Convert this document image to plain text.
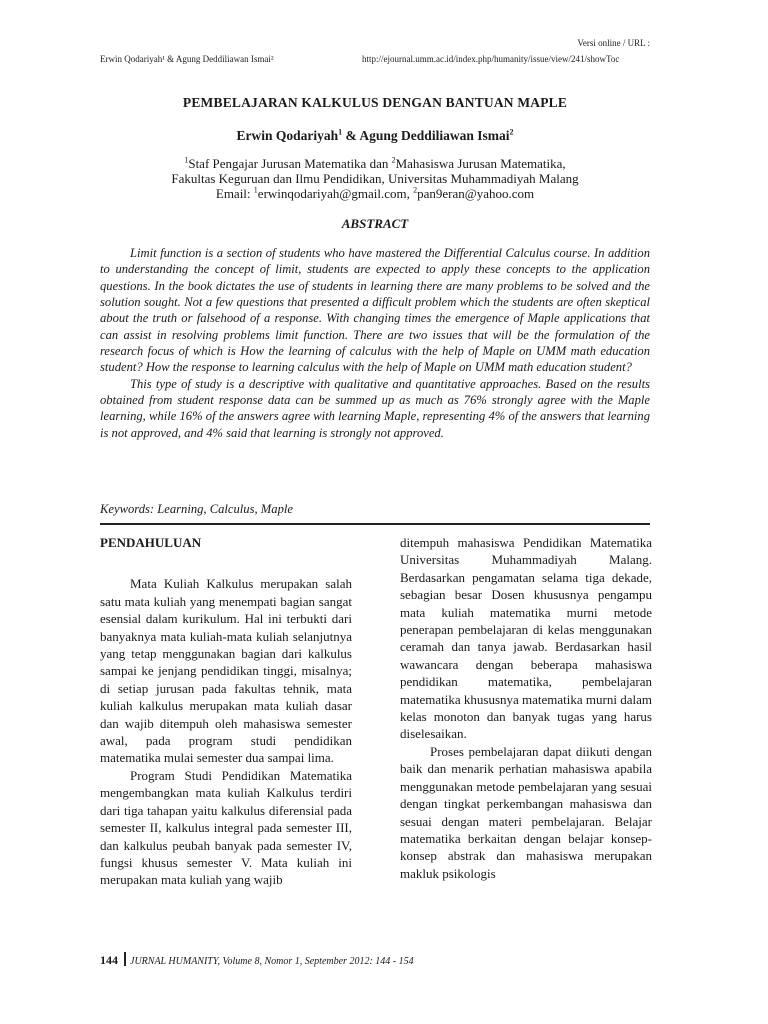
Versi online / URL :
Erwin Qodariyah¹ & Agung Deddiliawan Ismai²	http://ejournal.umm.ac.id/index.php/humanity/issue/view/241/showToc
PEMBELAJARAN KALKULUS DENGAN BANTUAN MAPLE
Erwin Qodariyah$^1$ & Agung Deddiliawan Ismai$^2$
$^1$Staf Pengajar Jurusan Matematika dan $^2$Mahasiswa Jurusan Matematika,
Fakultas Keguruan dan Ilmu Pendidikan, Universitas Muhammadiyah Malang
Email: $^1$erwinqodariyah@gmail.com, $^2$pan9eran@yahoo.com
ABSTRACT

Limit function is a section of students who have mastered the Differential Calculus course. In addition to understanding the concept of limit, students are expected to apply these concepts to the application questions. In the book dictates the use of students in learning there are many problems to be solved and the solution sought. Not a few questions that presented a difficult problem which the students are often skeptical about the truth or falsehood of a response. With changing times the emergence of Maple applications that can assist in resolving problems limit function. There are two issues that will be the formulation of the research focus of which is How the learning of calculus with the help of Maple on UMM math education student? How the response to learning calculus with the help of Maple on UMM math education student?

This type of study is a descriptive with qualitative and quantitative approaches. Based on the results obtained from student response data can be summed up as much as 76% strongly agree with the Maple learning, while 16% of the answers agree with learning Maple, representing 4% of the answers that learning is not approved, and 4% said that learning is strongly not approved.

Keywords: Learning, Calculus, Maple

PENDAHULUAN

Mata Kuliah Kalkulus merupakan salah satu mata kuliah yang menempati bagian sangat esensial dalam kurikulum. Hal ini terbukti dari banyaknya mata kuliah-mata kuliah selanjutnya yang tetap menggunakan bagian dari kalkulus sampai ke jenjang pendidikan tinggi, misalnya; di setiap jurusan pada fakultas tehnik, mata kuliah kalkulus merupakan mata kuliah dasar dan wajib ditempuh oleh mahasiswa semester awal, pada program studi pendidikan matematika mulai semester dua sampai lima.

Program Studi Pendidikan Matematika mengembangkan mata kuliah Kalkulus terdiri dari tiga tahapan yaitu kalkulus diferensial pada semester II, kalkulus integral pada semester III, dan kalkulus peubah banyak pada semester IV, fungsi khusus semester V. Mata kuliah ini merupakan mata kuliah yang wajib

ditempuh mahasiswa Pendidikan Matematika Universitas Muhammadiyah Malang. Berdasarkan pengamatan selama tiga dekade, sebagian besar Dosen khususnya pengampu mata kuliah matematika murni metode penerapan pembelajaran di kelas menggunakan ceramah dan tanya jawab. Berdasarkan hasil wawancara dengan beberapa mahasiswa pendidikan matematika, pembelajaran matematika khususnya matematika murni dalam kelas monoton dan banyak tugas yang harus diselesaikan.

Proses pembelajaran dapat diikuti dengan baik dan menarik perhatian mahasiswa apabila menggunakan metode pembelajaran yang sesuai dengan tingkat perkembangan mahasiswa dan sesuai dengan materi pembelajaran. Belajar matematika berkaitan dengan belajar konsep-konsep abstrak dan mahasiswa merupakan makluk psikologis

144 JURNAL HUMANITY, Volume 8, Nomor 1, September 2012: 144 - 154
